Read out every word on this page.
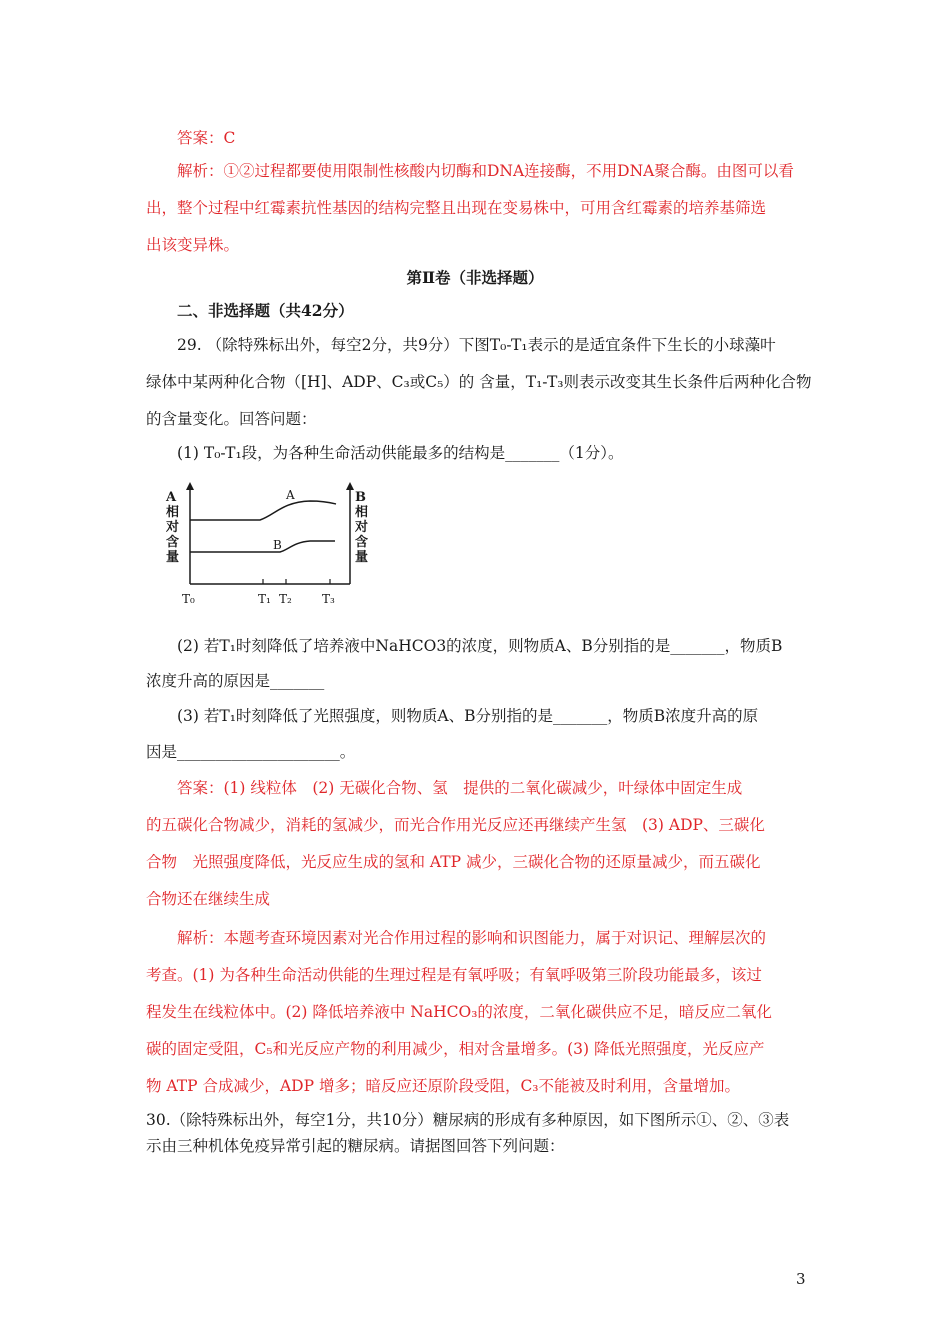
答案：C
解析：①②过程都要使用限制性核酸内切酶和DNA连接酶，不用DNA聚合酶。由图可以看
出，整个过程中红霉素抗性基因的结构完整且出现在变易株中，可用含红霉素的培养基筛选
出该变异株。
第Ⅱ卷（非选择题）
二、非选择题（共42分）
29. （除特殊标出外，每空2分，共9分）下图T₀-T₁表示的是适宜条件下生长的小球藻叶
绿体中某两种化合物（[H]、ADP、C₃或C₅）的 含量，T₁-T₃则表示改变其生长条件后两种化合物
的含量变化。回答问题：
(1) T₀-T₁段，为各种生命活动供能最多的结构是_______（1分）。
A
B
T₀	T₁ T₂	T₃
A相对含量
B相对含量
(2) 若T₁时刻降低了培养液中NaHCO3的浓度，则物质A、B分别指的是_______，物质B
浓度升高的原因是_______
(3) 若T₁时刻降低了光照强度，则物质A、B分别指的是_______，物质B浓度升高的原
因是_____________________。
答案：(1) 线粒体　(2) 无碳化合物、氢　提供的二氧化碳减少，叶绿体中固定生成
的五碳化合物减少，消耗的氢减少，而光合作用光反应还再继续产生氢　(3) ADP、三碳化
合物　光照强度降低，光反应生成的氢和 ATP 减少，三碳化合物的还原量减少，而五碳化
合物还在继续生成
解析：本题考查环境因素对光合作用过程的影响和识图能力，属于对识记、理解层次的
考查。(1) 为各种生命活动供能的生理过程是有氧呼吸；有氧呼吸第三阶段功能最多，该过
程发生在线粒体中。(2) 降低培养液中 NaHCO₃的浓度，二氧化碳供应不足，暗反应二氧化
碳的固定受阻，C₅和光反应产物的利用减少，相对含量增多。(3) 降低光照强度，光反应产
物 ATP 合成减少，ADP 增多；暗反应还原阶段受阻，C₃不能被及时利用，含量增加。
30.（除特殊标出外，每空1分，共10分）糖尿病的形成有多种原因，如下图所示①、②、③表
示由三种机体免疫异常引起的糖尿病。请据图回答下列问题：
3
